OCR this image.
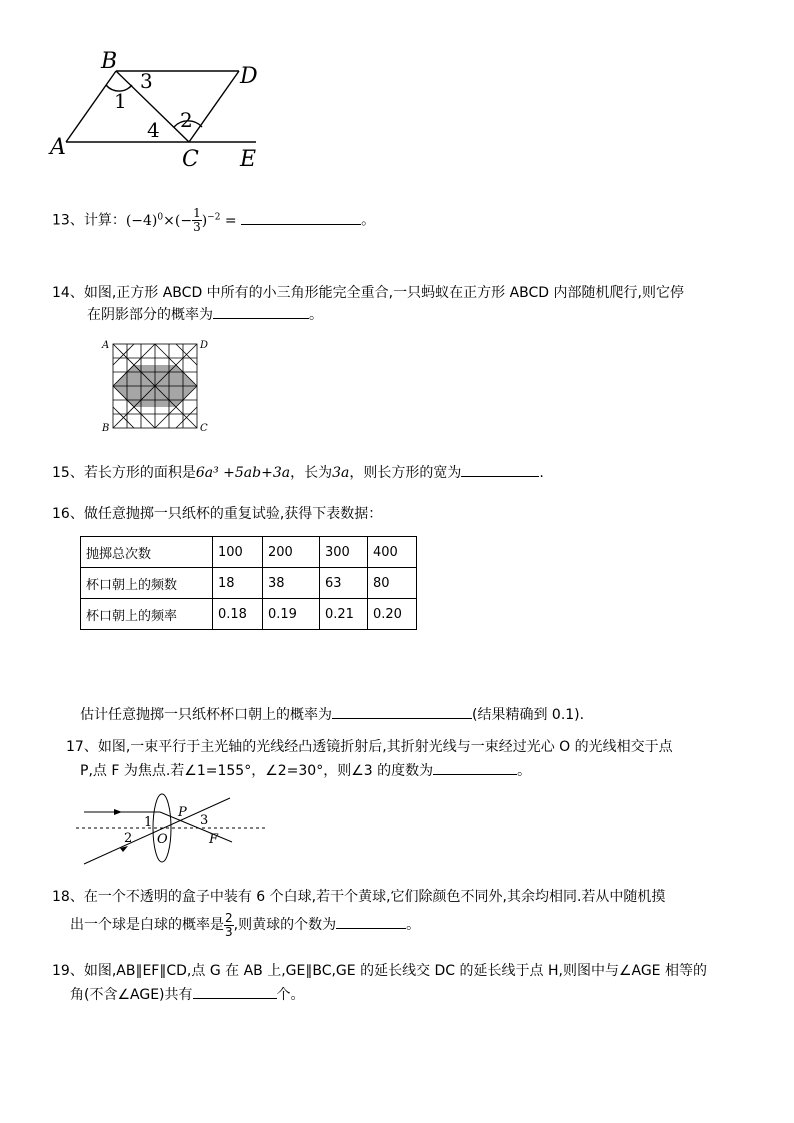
B
D
A	C E
1
3
4 2
13、计算：$(-4)^0\times(- \frac{1}{3} )^{-2}$ =	。
14、如图,正方形 ABCD 中所有的小三角形能完全重合,一只蚂蚁在正方形 ABCD 内部随机爬行,则它停
在阴影部分的概率为	。
A	D
B	C
15、若长方形的面积是6a³ +5ab+3a，长为3a，则长方形的宽为	.
16、做任意抛掷一只纸杯的重复试验,获得下表数据：
抛掷总次数	100	200	300	400
杯口朝上的频数	18	38	63	80
杯口朝上的频率	0.18	0.19	0.21	0.20
估计任意抛掷一只纸杯杯口朝上的概率为	(结果精确到 0.1).
17、如图,一束平行于主光轴的光线经凸透镜折射后,其折射光线与一束经过光心 O 的光线相交于点
P,点 F 为焦点.若∠1=155°，∠2=30°，则∠3 的度数为	。
1
2
3
P
O	F
18、在一个不透明的盒子中装有 6 个白球,若干个黄球,它们除颜色不同外,其余均相同.若从中随机摸
出一个球是白球的概率是 $\frac{2}{3}$ ,则黄球的个数为	。
19、如图,AB∥EF∥CD,点 G 在 AB 上,GE∥BC,GE 的延长线交 DC 的延长线于点 H,则图中与∠AGE 相等的
角(不含∠AGE)共有	个。
